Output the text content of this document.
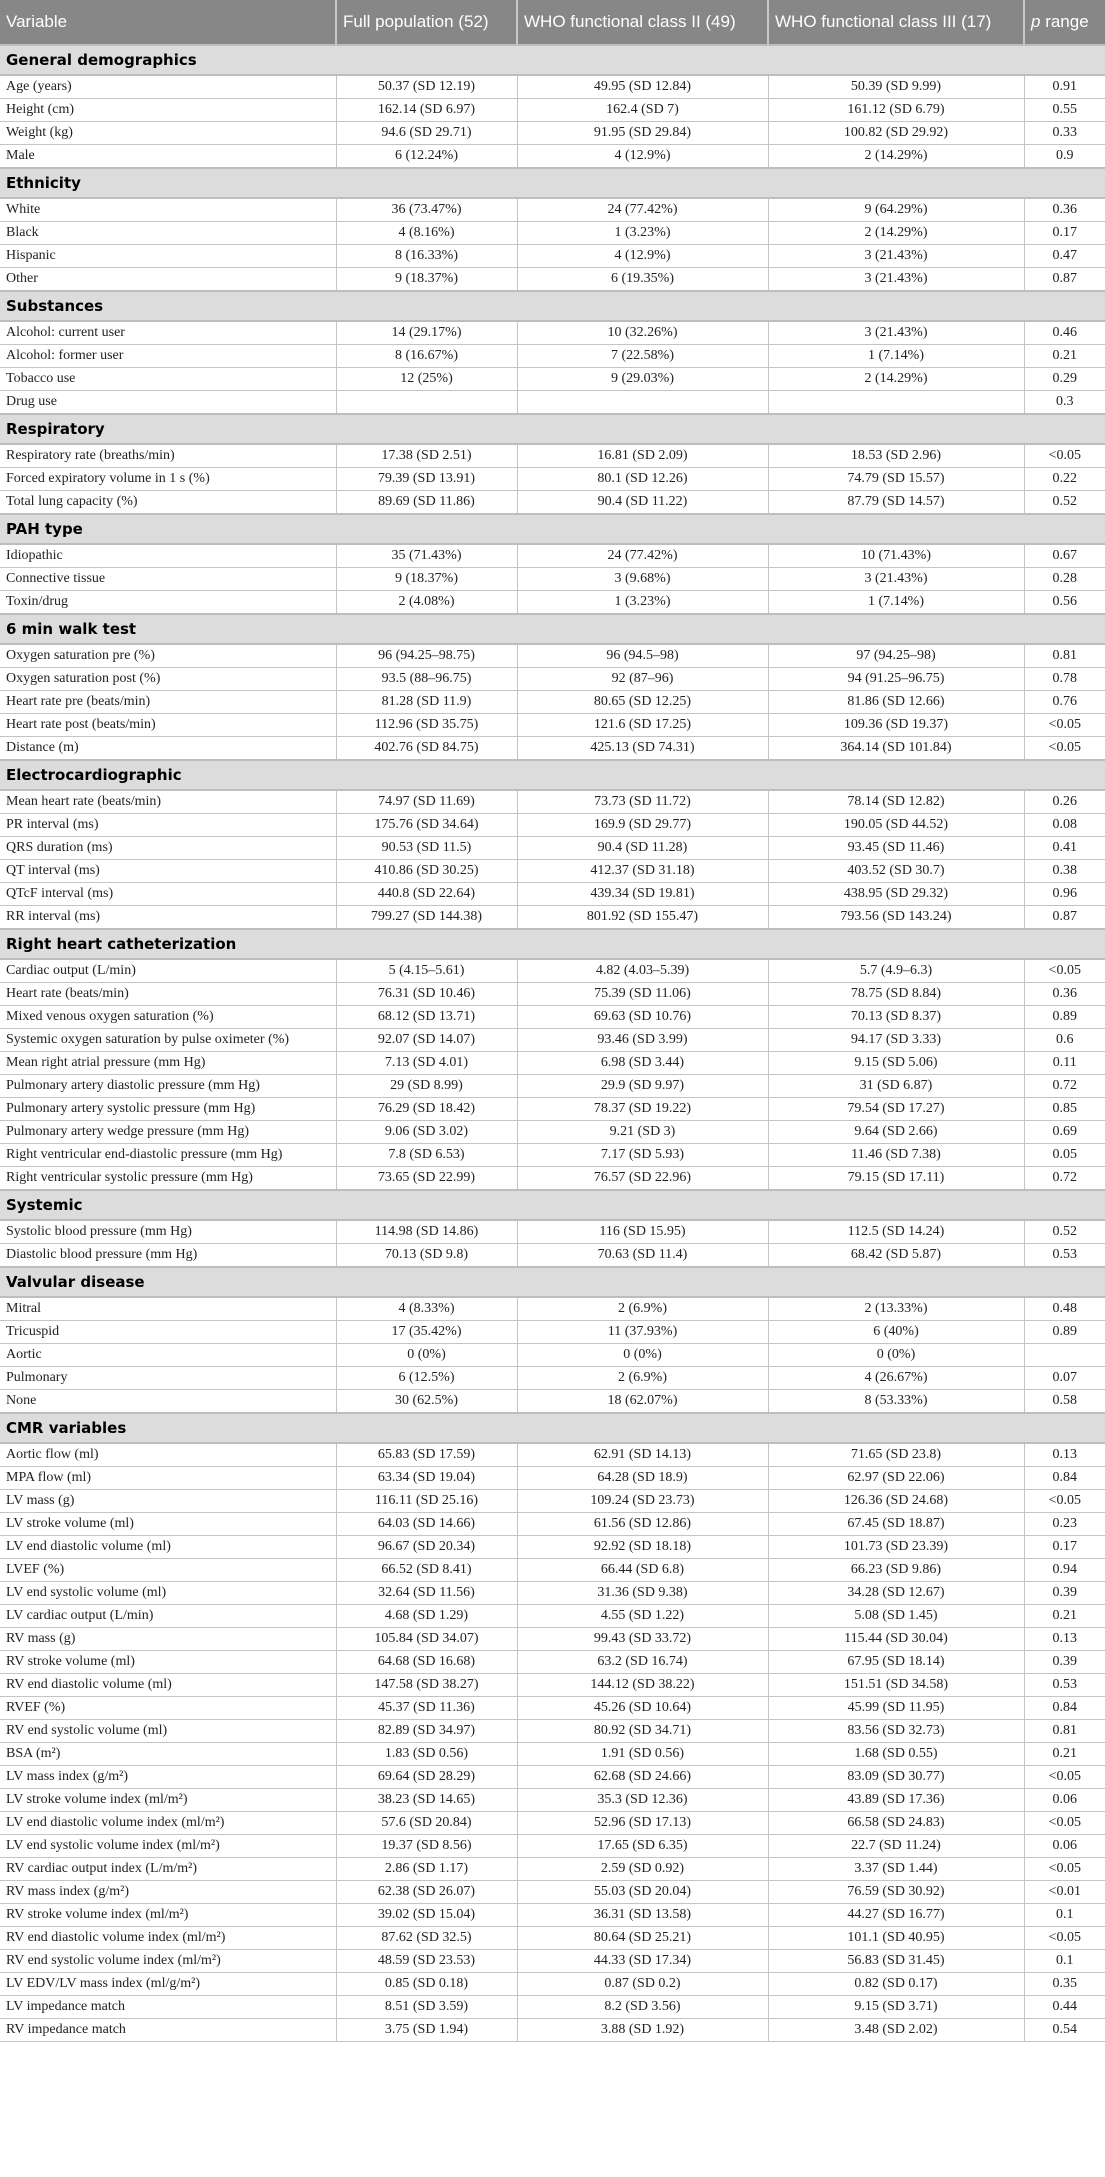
Variable	Full population (52)	WHO functional class II (49)	WHO functional class III (17)	p range
General demographics				
Age (years)	50.37 (SD 12.19)	49.95 (SD 12.84)	50.39 (SD 9.99)	0.91
Height (cm)	162.14 (SD 6.97)	162.4 (SD 7)	161.12 (SD 6.79)	0.55
Weight (kg)	94.6 (SD 29.71)	91.95 (SD 29.84)	100.82 (SD 29.92)	0.33
Male	6 (12.24%)	4 (12.9%)	2 (14.29%)	0.9
Ethnicity				
White	36 (73.47%)	24 (77.42%)	9 (64.29%)	0.36
Black	4 (8.16%)	1 (3.23%)	2 (14.29%)	0.17
Hispanic	8 (16.33%)	4 (12.9%)	3 (21.43%)	0.47
Other	9 (18.37%)	6 (19.35%)	3 (21.43%)	0.87
Substances				
Alcohol: current user	14 (29.17%)	10 (32.26%)	3 (21.43%)	0.46
Alcohol: former user	8 (16.67%)	7 (22.58%)	1 (7.14%)	0.21
Tobacco use	12 (25%)	9 (29.03%)	2 (14.29%)	0.29
Drug use				0.3
Respiratory				
Respiratory rate (breaths/min)	17.38 (SD 2.51)	16.81 (SD 2.09)	18.53 (SD 2.96)	<0.05
Forced expiratory volume in 1 s (%)	79.39 (SD 13.91)	80.1 (SD 12.26)	74.79 (SD 15.57)	0.22
Total lung capacity (%)	89.69 (SD 11.86)	90.4 (SD 11.22)	87.79 (SD 14.57)	0.52
PAH type				
Idiopathic	35 (71.43%)	24 (77.42%)	10 (71.43%)	0.67
Connective tissue	9 (18.37%)	3 (9.68%)	3 (21.43%)	0.28
Toxin/drug	2 (4.08%)	1 (3.23%)	1 (7.14%)	0.56
6 min walk test				
Oxygen saturation pre (%)	96 (94.25–98.75)	96 (94.5–98)	97 (94.25–98)	0.81
Oxygen saturation post (%)	93.5 (88–96.75)	92 (87–96)	94 (91.25–96.75)	0.78
Heart rate pre (beats/min)	81.28 (SD 11.9)	80.65 (SD 12.25)	81.86 (SD 12.66)	0.76
Heart rate post (beats/min)	112.96 (SD 35.75)	121.6 (SD 17.25)	109.36 (SD 19.37)	<0.05
Distance (m)	402.76 (SD 84.75)	425.13 (SD 74.31)	364.14 (SD 101.84)	<0.05
Electrocardiographic				
Mean heart rate (beats/min)	74.97 (SD 11.69)	73.73 (SD 11.72)	78.14 (SD 12.82)	0.26
PR interval (ms)	175.76 (SD 34.64)	169.9 (SD 29.77)	190.05 (SD 44.52)	0.08
QRS duration (ms)	90.53 (SD 11.5)	90.4 (SD 11.28)	93.45 (SD 11.46)	0.41
QT interval (ms)	410.86 (SD 30.25)	412.37 (SD 31.18)	403.52 (SD 30.7)	0.38
QTcF interval (ms)	440.8 (SD 22.64)	439.34 (SD 19.81)	438.95 (SD 29.32)	0.96
RR interval (ms)	799.27 (SD 144.38)	801.92 (SD 155.47)	793.56 (SD 143.24)	0.87
Right heart catheterization				
Cardiac output (L/min)	5 (4.15–5.61)	4.82 (4.03–5.39)	5.7 (4.9–6.3)	<0.05
Heart rate (beats/min)	76.31 (SD 10.46)	75.39 (SD 11.06)	78.75 (SD 8.84)	0.36
Mixed venous oxygen saturation (%)	68.12 (SD 13.71)	69.63 (SD 10.76)	70.13 (SD 8.37)	0.89
Systemic oxygen saturation by pulse oximeter (%)	92.07 (SD 14.07)	93.46 (SD 3.99)	94.17 (SD 3.33)	0.6
Mean right atrial pressure (mm Hg)	7.13 (SD 4.01)	6.98 (SD 3.44)	9.15 (SD 5.06)	0.11
Pulmonary artery diastolic pressure (mm Hg)	29 (SD 8.99)	29.9 (SD 9.97)	31 (SD 6.87)	0.72
Pulmonary artery systolic pressure (mm Hg)	76.29 (SD 18.42)	78.37 (SD 19.22)	79.54 (SD 17.27)	0.85
Pulmonary artery wedge pressure (mm Hg)	9.06 (SD 3.02)	9.21 (SD 3)	9.64 (SD 2.66)	0.69
Right ventricular end-diastolic pressure (mm Hg)	7.8 (SD 6.53)	7.17 (SD 5.93)	11.46 (SD 7.38)	0.05
Right ventricular systolic pressure (mm Hg)	73.65 (SD 22.99)	76.57 (SD 22.96)	79.15 (SD 17.11)	0.72
Systemic				
Systolic blood pressure (mm Hg)	114.98 (SD 14.86)	116 (SD 15.95)	112.5 (SD 14.24)	0.52
Diastolic blood pressure (mm Hg)	70.13 (SD 9.8)	70.63 (SD 11.4)	68.42 (SD 5.87)	0.53
Valvular disease				
Mitral	4 (8.33%)	2 (6.9%)	2 (13.33%)	0.48
Tricuspid	17 (35.42%)	11 (37.93%)	6 (40%)	0.89
Aortic	0 (0%)	0 (0%)	0 (0%)	
Pulmonary	6 (12.5%)	2 (6.9%)	4 (26.67%)	0.07
None	30 (62.5%)	18 (62.07%)	8 (53.33%)	0.58
CMR variables				
Aortic flow (ml)	65.83 (SD 17.59)	62.91 (SD 14.13)	71.65 (SD 23.8)	0.13
MPA flow (ml)	63.34 (SD 19.04)	64.28 (SD 18.9)	62.97 (SD 22.06)	0.84
LV mass (g)	116.11 (SD 25.16)	109.24 (SD 23.73)	126.36 (SD 24.68)	<0.05
LV stroke volume (ml)	64.03 (SD 14.66)	61.56 (SD 12.86)	67.45 (SD 18.87)	0.23
LV end diastolic volume (ml)	96.67 (SD 20.34)	92.92 (SD 18.18)	101.73 (SD 23.39)	0.17
LVEF (%)	66.52 (SD 8.41)	66.44 (SD 6.8)	66.23 (SD 9.86)	0.94
LV end systolic volume (ml)	32.64 (SD 11.56)	31.36 (SD 9.38)	34.28 (SD 12.67)	0.39
LV cardiac output (L/min)	4.68 (SD 1.29)	4.55 (SD 1.22)	5.08 (SD 1.45)	0.21
RV mass (g)	105.84 (SD 34.07)	99.43 (SD 33.72)	115.44 (SD 30.04)	0.13
RV stroke volume (ml)	64.68 (SD 16.68)	63.2 (SD 16.74)	67.95 (SD 18.14)	0.39
RV end diastolic volume (ml)	147.58 (SD 38.27)	144.12 (SD 38.22)	151.51 (SD 34.58)	0.53
RVEF (%)	45.37 (SD 11.36)	45.26 (SD 10.64)	45.99 (SD 11.95)	0.84
RV end systolic volume (ml)	82.89 (SD 34.97)	80.92 (SD 34.71)	83.56 (SD 32.73)	0.81
BSA (m²)	1.83 (SD 0.56)	1.91 (SD 0.56)	1.68 (SD 0.55)	0.21
LV mass index (g/m²)	69.64 (SD 28.29)	62.68 (SD 24.66)	83.09 (SD 30.77)	<0.05
LV stroke volume index (ml/m²)	38.23 (SD 14.65)	35.3 (SD 12.36)	43.89 (SD 17.36)	0.06
LV end diastolic volume index (ml/m²)	57.6 (SD 20.84)	52.96 (SD 17.13)	66.58 (SD 24.83)	<0.05
LV end systolic volume index (ml/m²)	19.37 (SD 8.56)	17.65 (SD 6.35)	22.7 (SD 11.24)	0.06
RV cardiac output index (L/m/m²)	2.86 (SD 1.17)	2.59 (SD 0.92)	3.37 (SD 1.44)	<0.05
RV mass index (g/m²)	62.38 (SD 26.07)	55.03 (SD 20.04)	76.59 (SD 30.92)	<0.01
RV stroke volume index (ml/m²)	39.02 (SD 15.04)	36.31 (SD 13.58)	44.27 (SD 16.77)	0.1
RV end diastolic volume index (ml/m²)	87.62 (SD 32.5)	80.64 (SD 25.21)	101.1 (SD 40.95)	<0.05
RV end systolic volume index (ml/m²)	48.59 (SD 23.53)	44.33 (SD 17.34)	56.83 (SD 31.45)	0.1
LV EDV/LV mass index (ml/g/m²)	0.85 (SD 0.18)	0.87 (SD 0.2)	0.82 (SD 0.17)	0.35
LV impedance match	8.51 (SD 3.59)	8.2 (SD 3.56)	9.15 (SD 3.71)	0.44
RV impedance match	3.75 (SD 1.94)	3.88 (SD 1.92)	3.48 (SD 2.02)	0.54
